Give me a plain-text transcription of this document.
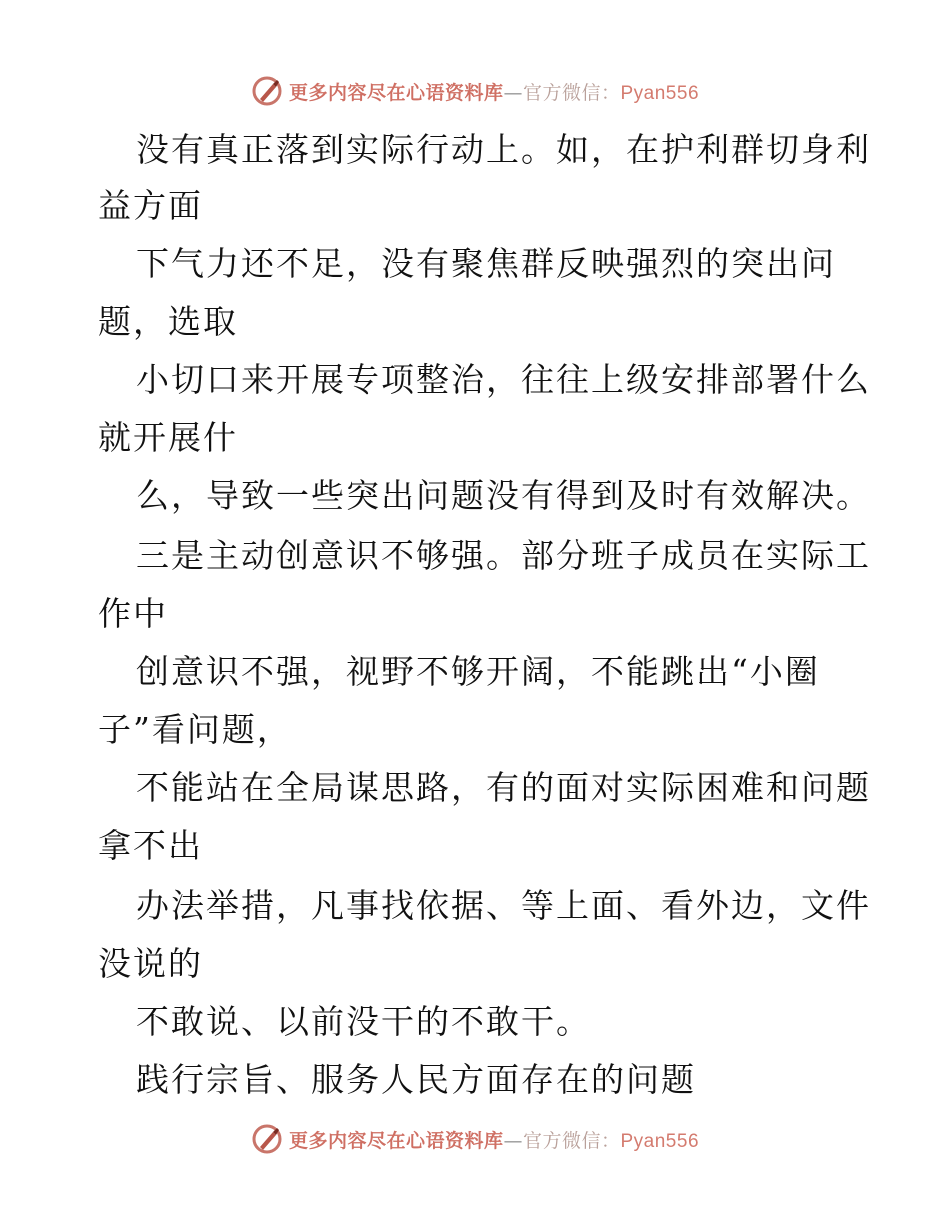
更多内容尽在心语资料库—官方微信：Pyan556
没有真正落到实际行动上。如，在护利群切身利
益方面
下气力还不足，没有聚焦群反映强烈的突出问
题，选取
小切口来开展专项整治，往往上级安排部署什么
就开展什
么，导致一些突出问题没有得到及时有效解决。
三是主动创意识不够强。部分班子成员在实际工
作中
创意识不强，视野不够开阔，不能跳出“小圈
子”看问题，
不能站在全局谋思路，有的面对实际困难和问题
拿不出
办法举措，凡事找依据、等上面、看外边，文件
没说的
不敢说、以前没干的不敢干。
践行宗旨、服务人民方面存在的问题
更多内容尽在心语资料库—官方微信：Pyan556
